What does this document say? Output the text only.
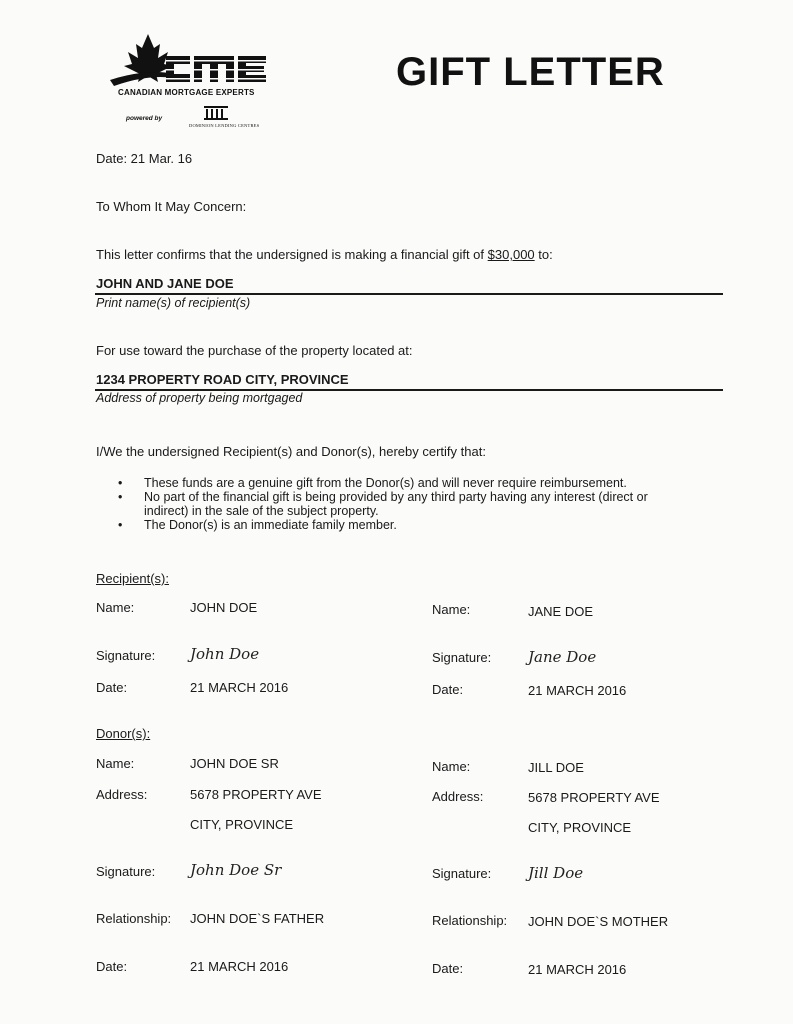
CANADIAN MORTGAGE EXPERTS
powered by
DOMINION LENDING CENTRES
GIFT LETTER
Date: 21 Mar. 16
To Whom It May Concern:
This letter confirms that the undersigned is making a financial gift of $30,000 to:
JOHN AND JANE DOE
Print name(s) of recipient(s)
For use toward the purchase of the property located at:
1234 PROPERTY ROAD CITY, PROVINCE
Address of property being mortgaged
I/We the undersigned Recipient(s) and Donor(s), hereby certify that:
• These funds are a genuine gift from the Donor(s) and will never require reimbursement.
• No part of the financial gift is being provided by any third party having any interest (direct or
indirect) in the sale of the subject property.
• The Donor(s) is an immediate family member.
Recipient(s):
Name:	JOHN DOE	Name:	JANE DOE
Signature: John Doe	Signature: Jane Doe
Date:	21 MARCH 2016	Date:	21 MARCH 2016
Donor(s):
Name:	JOHN DOE SR	Name:	JILL DOE
Address:	5678 PROPERTY AVE	Address:	5678 PROPERTY AVE
CITY, PROVINCE	CITY, PROVINCE
Signature: John Doe Sr	Signature: Jill Doe
Relationship: JOHN DOE`S FATHER	Relationship: JOHN DOE`S MOTHER
Date:	21 MARCH 2016	Date:	21 MARCH 2016
